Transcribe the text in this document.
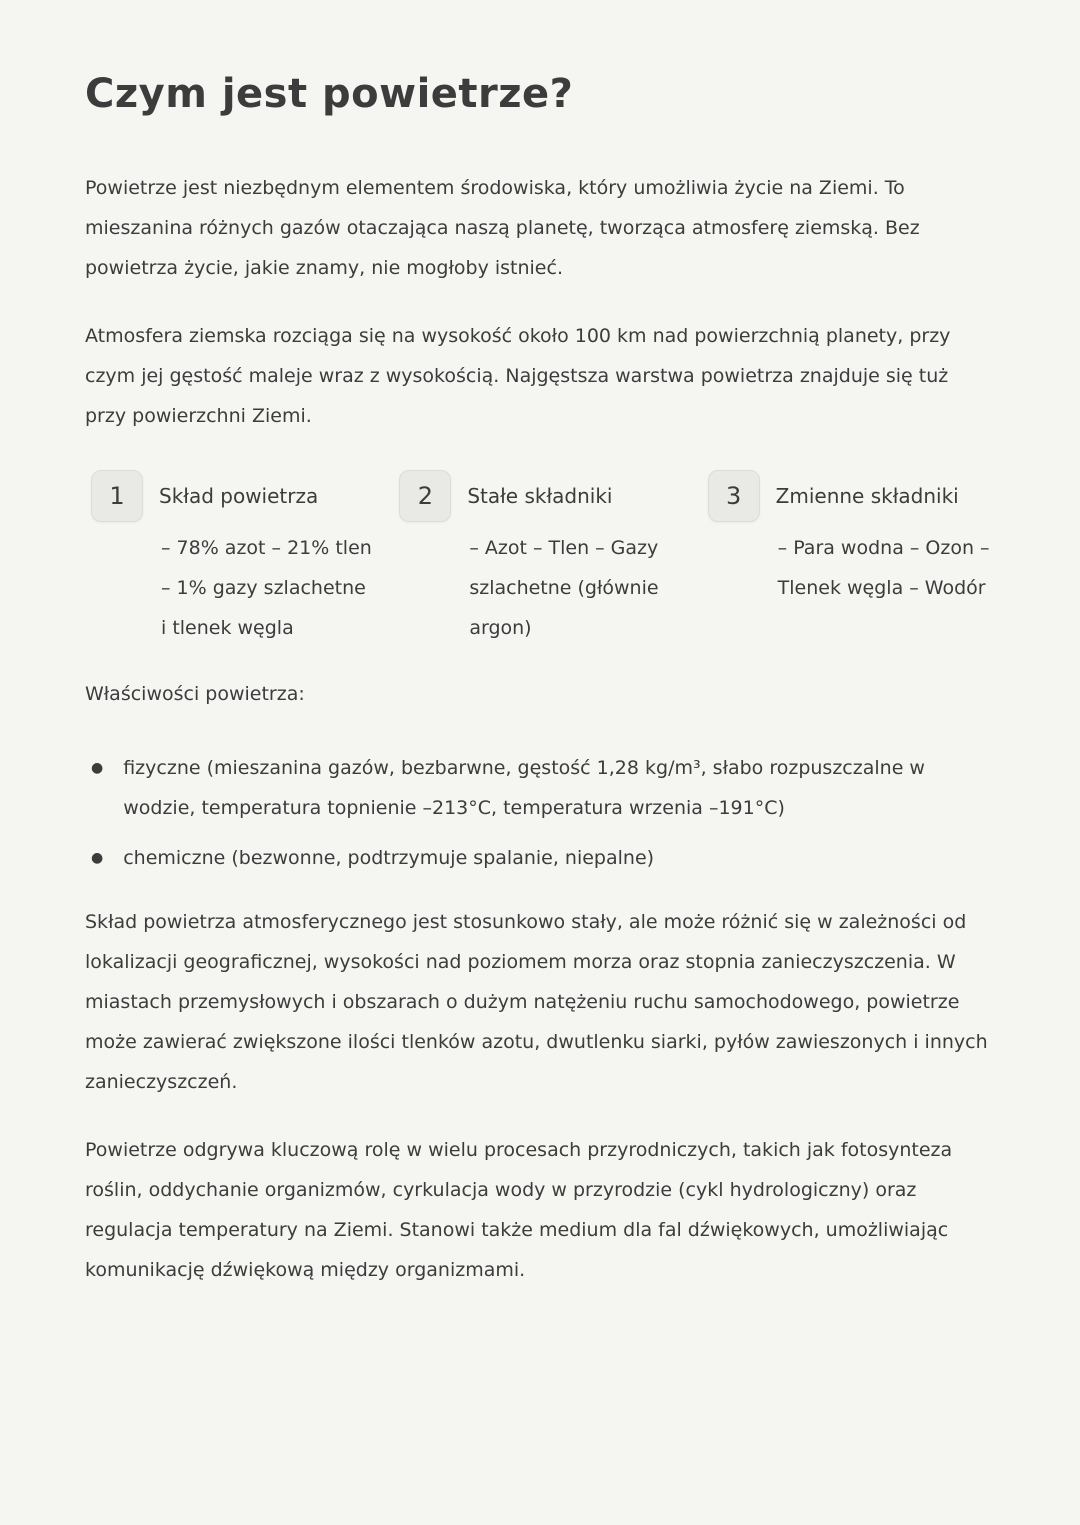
Czym jest powietrze?

Powietrze jest niezbędnym elementem środowiska, który umożliwia życie na Ziemi. To mieszanina różnych gazów otaczająca naszą planetę, tworząca atmosferę ziemską. Bez powietrza życie, jakie znamy, nie mogłoby istnieć.

Atmosfera ziemska rozciąga się na wysokość około 100 km nad powierzchnią planety, przy czym jej gęstość maleje wraz z wysokością. Najgęstsza warstwa powietrza znajduje się tuż przy powierzchni Ziemi.

1	Skład powietrza
– 78% azot – 21% tlen – 1% gazy szlachetne i tlenek węgla
2	Stałe składniki
– Azot – Tlen – Gazy szlachetne (głównie argon)
3	Zmienne składniki
– Para wodna – Ozon – Tlenek węgla – Wodór

Właściwości powietrza:

● fizyczne (mieszanina gazów, bezbarwne, gęstość 1,28 kg/m³, słabo rozpuszczalne w wodzie, temperatura topnienie –213°C, temperatura wrzenia –191°C)
● chemiczne (bezwonne, podtrzymuje spalanie, niepalne)

Skład powietrza atmosferycznego jest stosunkowo stały, ale może różnić się w zależności od lokalizacji geograficznej, wysokości nad poziomem morza oraz stopnia zanieczyszczenia. W miastach przemysłowych i obszarach o dużym natężeniu ruchu samochodowego, powietrze może zawierać zwiększone ilości tlenków azotu, dwutlenku siarki, pyłów zawieszonych i innych zanieczyszczeń.

Powietrze odgrywa kluczową rolę w wielu procesach przyrodniczych, takich jak fotosynteza roślin, oddychanie organizmów, cyrkulacja wody w przyrodzie (cykl hydrologiczny) oraz regulacja temperatury na Ziemi. Stanowi także medium dla fal dźwiękowych, umożliwiając komunikację dźwiękową między organizmami.
